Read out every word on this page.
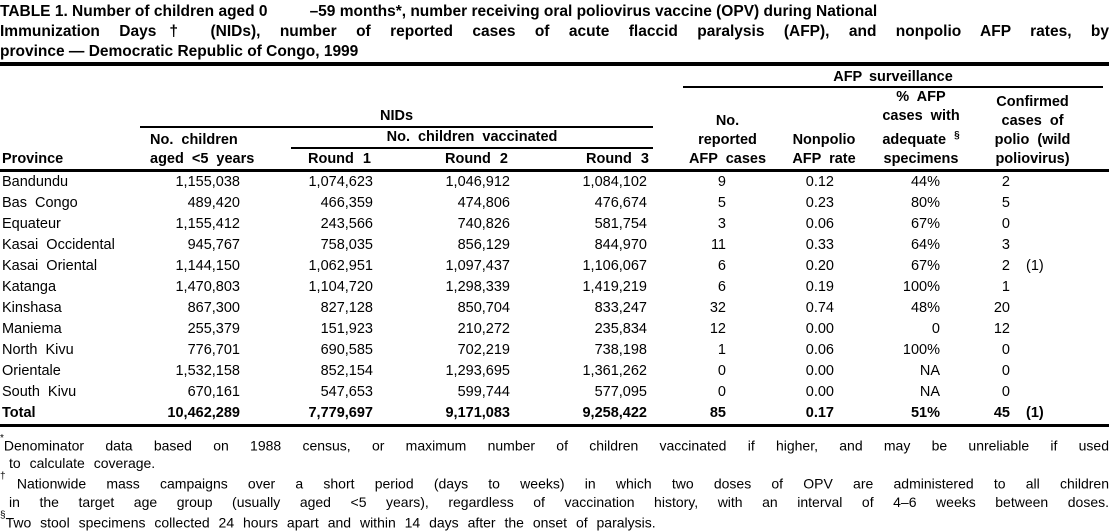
TABLE 1. Number of children aged 0	–59 months*, number receiving oral poliovirus vaccine (OPV) during National
Immunization Days† (NIDs), number of reported cases of acute flaccid paralysis (AFP), and nonpolio AFP rates, by
province — Democratic Republic of Congo, 1999

					AFP surveillance			

Province

NIDs
No. children
aged <5 years
No. children vaccinated
Round 1	Round 2	Round 3

No.
reported
AFP cases

Nonpolio
AFP rate

% AFP
cases with
adequate §
specimens

Confirmed
cases of
polio (wild
poliovirus)

Bandundu	1,155,038	1,074,623	1,046,912	1,084,102	9	0.12	44%	2
Bas Congo	489,420	466,359	474,806	476,674	5	0.23	80%	5
Equateur	1,155,412	243,566	740,826	581,754	3	0.06	67%	0
Kasai Occidental	945,767	758,035	856,129	844,970	11	0.33	64%	3
Kasai Oriental	1,144,150	1,062,951	1,097,437	1,106,067	6	0.20	67%	2 (1)
Katanga	1,470,803	1,104,720	1,298,339	1,419,219	6	0.19	100%	1
Kinshasa	867,300	827,128	850,704	833,247	32	0.74	48%	20
Maniema	255,379	151,923	210,272	235,834	12	0.00	0	12
North Kivu	776,701	690,585	702,219	738,198	1	0.06	100%	0
Orientale	1,532,158	852,154	1,293,695	1,361,262	0	0.00	NA	0
South Kivu	670,161	547,653	599,744	577,095	0	0.00	NA	0
Total	10,462,289	7,779,697	9,171,083	9,258,422	85	0.17	51%	45 (1)
*Denominator data based on 1988 census, or maximum number of children vaccinated if higher, and may be unreliable if used
to calculate coverage.
†Nationwide mass campaigns over a short period (days to weeks) in which two doses of OPV are administered to all children
in the target age group (usually aged <5 years), regardless of vaccination history, with an interval of 4–6 weeks between doses.
§Two stool specimens collected 24 hours apart and within 14 days after the onset of paralysis.
